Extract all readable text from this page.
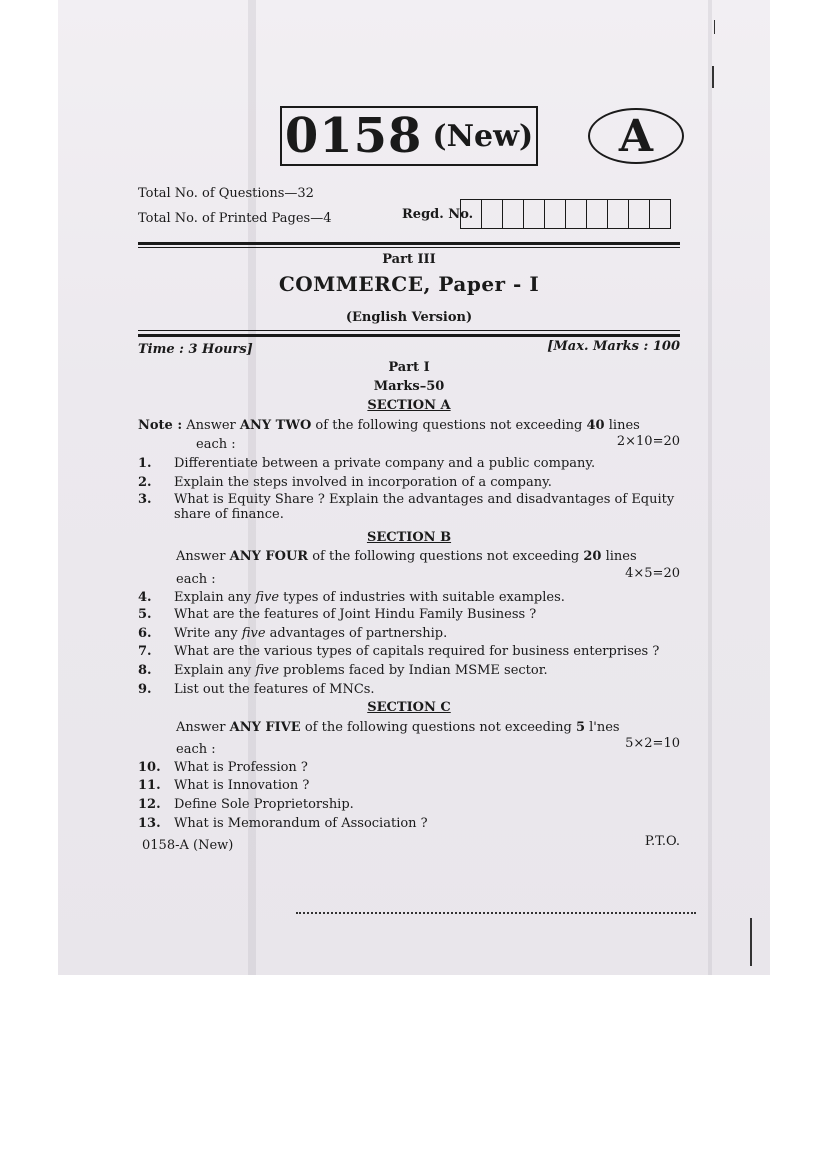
0158 (New)	A
Total No. of Questions—32
Total No. of Printed Pages—4	Regd. No.
Part III
COMMERCE, Paper - I
(English Version)
Time : 3 Hours]	[Max. Marks : 100
Part I
Marks–50
SECTION A
Note : Answer ANY TWO of the following questions not exceeding 40 lines
each :	2×10=20
1.	Differentiate between a private company and a public company.
2.	Explain the steps involved in incorporation of a company.
3.	What is Equity Share ? Explain the advantages and disadvantages of Equity share of finance.
SECTION B
Answer ANY FOUR of the following questions not exceeding 20 lines
each :	4×5=20
4.	Explain any five types of industries with suitable examples.
5.	What are the features of Joint Hindu Family Business ?
6.	Write any five advantages of partnership.
7.	What are the various types of capitals required for business enterprises ?
8.	Explain any five problems faced by Indian MSME sector.
9.	List out the features of MNCs.
SECTION C
Answer ANY FIVE of the following questions not exceeding 5 l'nes
each :	5×2=10
10.	What is Profession ?
11.	What is Innovation ?
12.	Define Sole Proprietorship.
13.	What is Memorandum of Association ?
0158-A (New)	P.T.O.
